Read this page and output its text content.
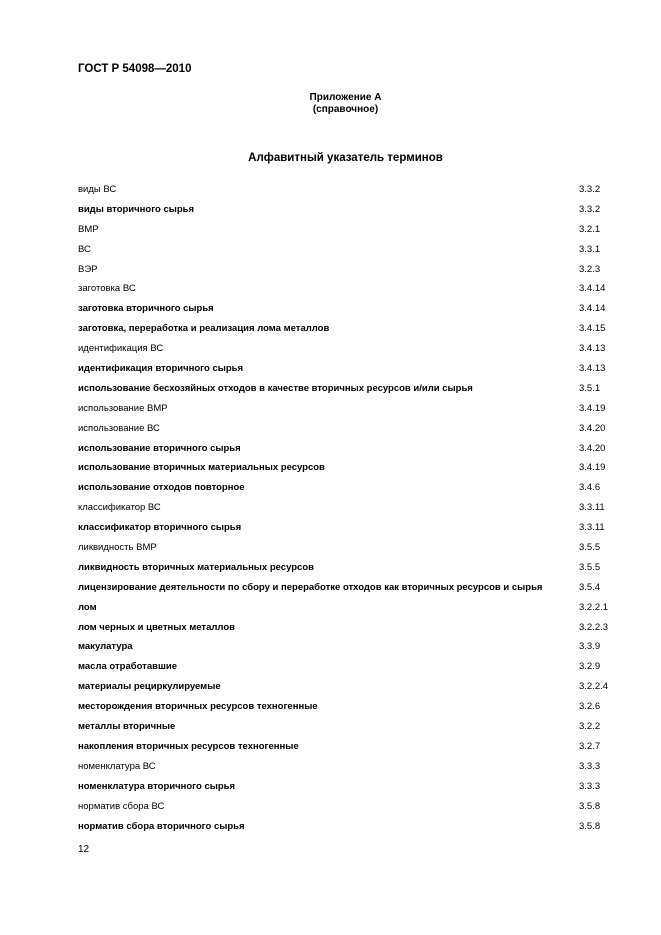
ГОСТ Р 54098—2010
Приложение А
(справочное)
Алфавитный указатель терминов
виды ВС	3.3.2
виды вторичного сырья	3.3.2
ВМР	3.2.1
ВС	3.3.1
ВЭР	3.2.3
заготовка ВС	3.4.14
заготовка вторичного сырья	3.4.14
заготовка, переработка и реализация лома металлов	3.4.15
идентификация ВС	3.4.13
идентификация вторичного сырья	3.4.13
использование бесхозяйных отходов в качестве вторичных ресурсов и/или сырья	3.5.1
использование ВМР	3.4.19
использование ВС	3.4.20
использование вторичного сырья	3.4.20
использование вторичных материальных ресурсов	3.4.19
использование отходов повторное	3.4.6
классификатор ВС	3.3.11
классификатор вторичного сырья	3.3.11
ликвидность ВМР	3.5.5
ликвидность вторичных материальных ресурсов	3.5.5
лицензирование деятельности по сбору и переработке отходов как вторичных ресурсов и сырья	3.5.4
лом	3.2.2.1
лом черных и цветных металлов	3.2.2.3
макулатура	3.3.9
масла отработавшие	3.2.9
материалы рециркулируемые	3.2.2.4
месторождения вторичных ресурсов техногенные	3.2.6
металлы вторичные	3.2.2
накопления вторичных ресурсов техногенные	3.2.7
номенклатура ВС	3.3.3
номенклатура вторичного сырья	3.3.3
норматив сбора ВС	3.5.8
норматив сбора вторичного сырья	3.5.8
12
